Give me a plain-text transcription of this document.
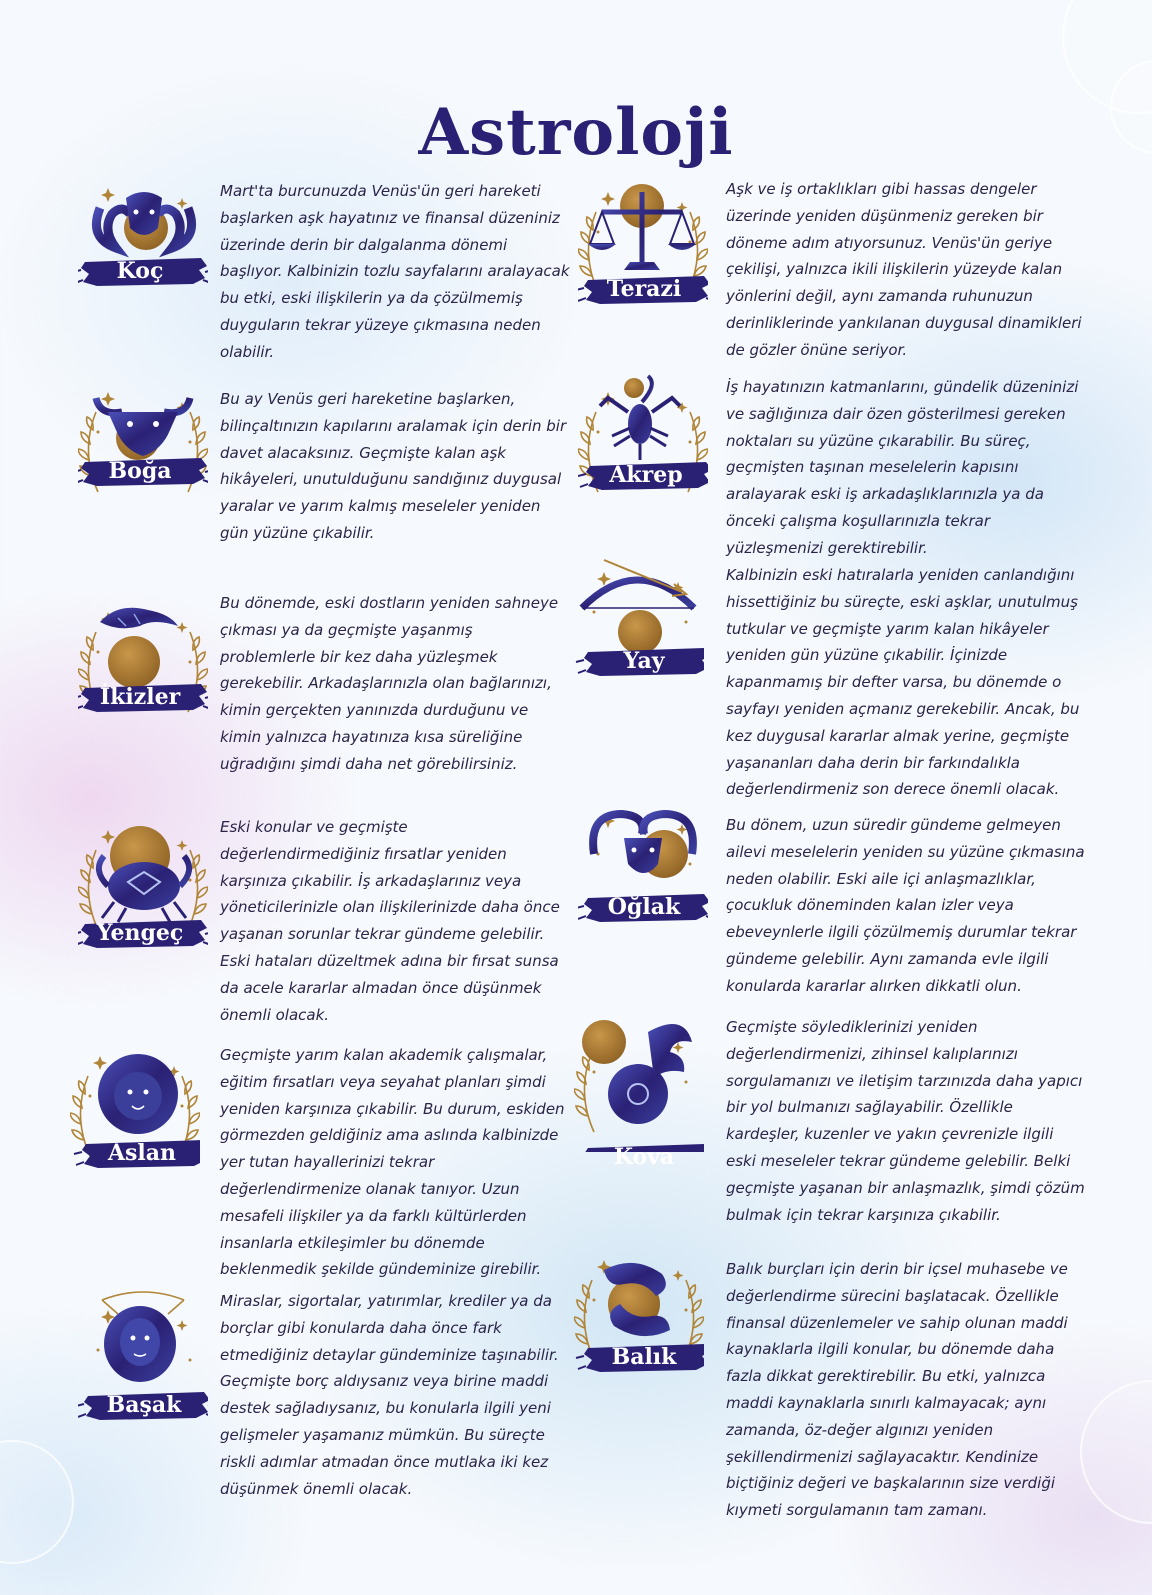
Astroloji
Koç
Mart'ta burcunuzda Venüs'ün geri hareketi başlarken aşk hayatınız ve finansal düzeniniz üzerinde derin bir dalgalanma dönemi başlıyor. Kalbinizin tozlu sayfalarını aralayacak bu etki, eski ilişkilerin ya da çözülmemiş duyguların tekrar yüzeye çıkmasına neden olabilir.
Boğa
Bu ay Venüs geri hareketine başlarken, bilinçaltınızın kapılarını aralamak için derin bir davet alacaksınız. Geçmişte kalan aşk hikâyeleri, unutulduğunu sandığınız duygusal yaralar ve yarım kalmış meseleler yeniden gün yüzüne çıkabilir.
İkizler
Bu dönemde, eski dostların yeniden sahneye çıkması ya da geçmişte yaşanmış problemlerle bir kez daha yüzleşmek gerekebilir. Arkadaşlarınızla olan bağlarınızı, kimin gerçekten yanınızda durduğunu ve kimin yalnızca hayatınıza kısa süreliğine uğradığını şimdi daha net görebilirsiniz.
Yengeç
Eski konular ve geçmişte değerlendirmediğiniz fırsatlar yeniden karşınıza çıkabilir. İş arkadaşlarınız veya yöneticilerinizle olan ilişkilerinizde daha önce yaşanan sorunlar tekrar gündeme gelebilir. Eski hataları düzeltmek adına bir fırsat sunsa da acele kararlar almadan önce düşünmek önemli olacak.
Aslan
Geçmişte yarım kalan akademik çalışmalar, eğitim fırsatları veya seyahat planları şimdi yeniden karşınıza çıkabilir. Bu durum, eskiden görmezden geldiğiniz ama aslında kalbinizde yer tutan hayallerinizi tekrar değerlendirmenize olanak tanıyor. Uzun mesafeli ilişkiler ya da farklı kültürlerden insanlarla etkileşimler bu dönemde beklenmedik şekilde gündeminize girebilir.
Başak
Miraslar, sigortalar, yatırımlar, krediler ya da borçlar gibi konularda daha önce fark etmediğiniz detaylar gündeminize taşınabilir. Geçmişte borç aldıysanız veya birine maddi destek sağladıysanız, bu konularla ilgili yeni gelişmeler yaşamanız mümkün. Bu süreçte riskli adımlar atmadan önce mutlaka iki kez düşünmek önemli olacak.
Terazi
Aşk ve iş ortaklıkları gibi hassas dengeler üzerinde yeniden düşünmeniz gereken bir döneme adım atıyorsunuz. Venüs'ün geriye çekilişi, yalnızca ikili ilişkilerin yüzeyde kalan yönlerini değil, aynı zamanda ruhunuzun derinliklerinde yankılanan duygusal dinamikleri de gözler önüne seriyor.
Akrep
İş hayatınızın katmanlarını, gündelik düzeninizi ve sağlığınıza dair özen gösterilmesi gereken noktaları su yüzüne çıkarabilir. Bu süreç, geçmişten taşınan meselelerin kapısını aralayarak eski iş arkadaşlıklarınızla ya da önceki çalışma koşullarınızla tekrar yüzleşmenizi gerektirebilir.
Yay
Kalbinizin eski hatıralarla yeniden canlandığını hissettiğiniz bu süreçte, eski aşklar, unutulmuş tutkular ve geçmişte yarım kalan hikâyeler yeniden gün yüzüne çıkabilir. İçinizde kapanmamış bir defter varsa, bu dönemde o sayfayı yeniden açmanız gerekebilir. Ancak, bu kez duygusal kararlar almak yerine, geçmişte yaşananları daha derin bir farkındalıkla değerlendirmeniz son derece önemli olacak.
Oğlak
Bu dönem, uzun süredir gündeme gelmeyen ailevi meselelerin yeniden su yüzüne çıkmasına neden olabilir. Eski aile içi anlaşmazlıklar, çocukluk döneminden kalan izler veya ebeveynlerle ilgili çözülmemiş durumlar tekrar gündeme gelebilir. Aynı zamanda evle ilgili konularda kararlar alırken dikkatli olun.
Kova
Geçmişte söylediklerinizi yeniden değerlendirmenizi, zihinsel kalıplarınızı sorgulamanızı ve iletişim tarzınızda daha yapıcı bir yol bulmanızı sağlayabilir. Özellikle kardeşler, kuzenler ve yakın çevrenizle ilgili eski meseleler tekrar gündeme gelebilir. Belki geçmişte yaşanan bir anlaşmazlık, şimdi çözüm bulmak için tekrar karşınıza çıkabilir.
Balık
Balık burçları için derin bir içsel muhasebe ve değerlendirme sürecini başlatacak. Özellikle finansal düzenlemeler ve sahip olunan maddi kaynaklarla ilgili konular, bu dönemde daha fazla dikkat gerektirebilir. Bu etki, yalnızca maddi kaynaklarla sınırlı kalmayacak; aynı zamanda, öz-değer algınızı yeniden şekillendirmenizi sağlayacaktır. Kendinize biçtiğiniz değeri ve başkalarının size verdiği kıymeti sorgulamanın tam zamanı.
